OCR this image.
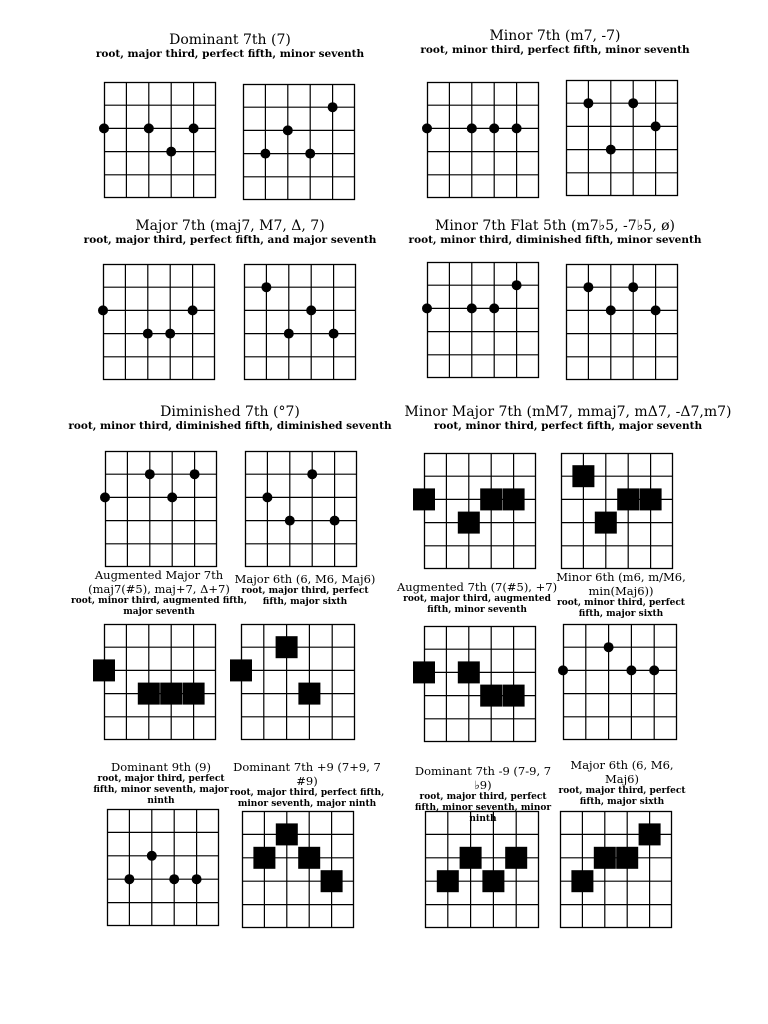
Dominant 7th (7)
root, major third, perfect fifth, minor seventh
Minor 7th (m7, -7)
root, minor third, perfect fifth, minor seventh
Major 7th (maj7, M7, Δ, 7)
root, major third, perfect fifth, and major seventh
Minor 7th Flat 5th (m7♭5, -7♭5, ø)
root, minor third, diminished fifth, minor seventh
Diminished 7th (°7)
root, minor third, diminished fifth, diminished seventh
Minor Major 7th (mM7, mmaj7, mΔ7, -Δ7,m7)
root, minor third, perfect fifth, major seventh
Augmented Major 7th (maj7(#5), maj+7, Δ+7)
root, minor third, augmented fifth, major seventh
Major 6th (6, M6, Maj6)
root, major third, perfect fifth, major sixth
Augmented 7th (7(#5), +7)
root, major third, augmented fifth, minor seventh
Minor 6th (m6, m/M6, min(Maj6))
root, minor third, perfect fifth, major sixth
Dominant 9th (9)
root, major third, perfect fifth, minor seventh, major ninth
Dominant 7th +9 (7+9, 7 #9)
root, major third, perfect fifth, minor seventh, major ninth
Dominant 7th -9 (7-9, 7 ♭9)
root, major third, perfect fifth, minor seventh, minor ninth
Major 6th (6, M6, Maj6)
root, major third, perfect fifth, major sixth
